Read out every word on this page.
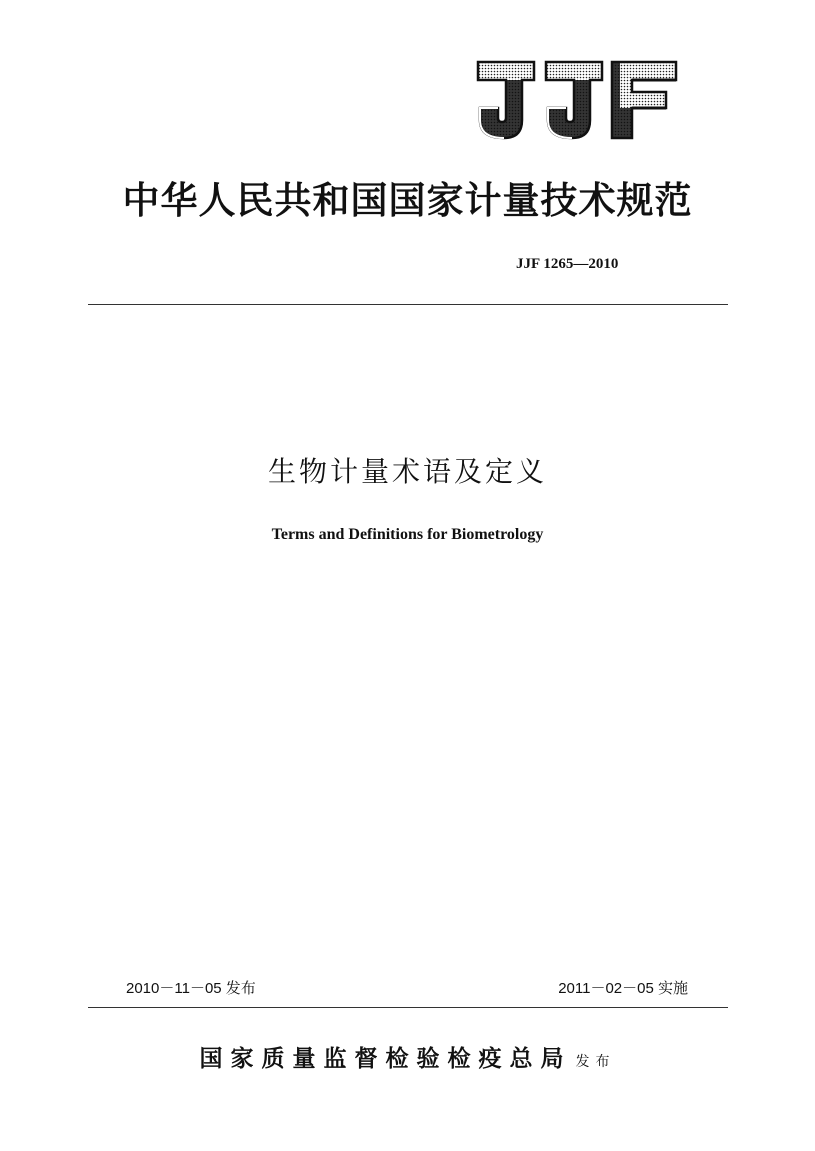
中华人民共和国国家计量技术规范
JJF 1265—2010
生物计量术语及定义
Terms and Definitions for Biometrology
2010－11－05 发布	2011－02－05 实施
国家质量监督检验检疫总局 发布
